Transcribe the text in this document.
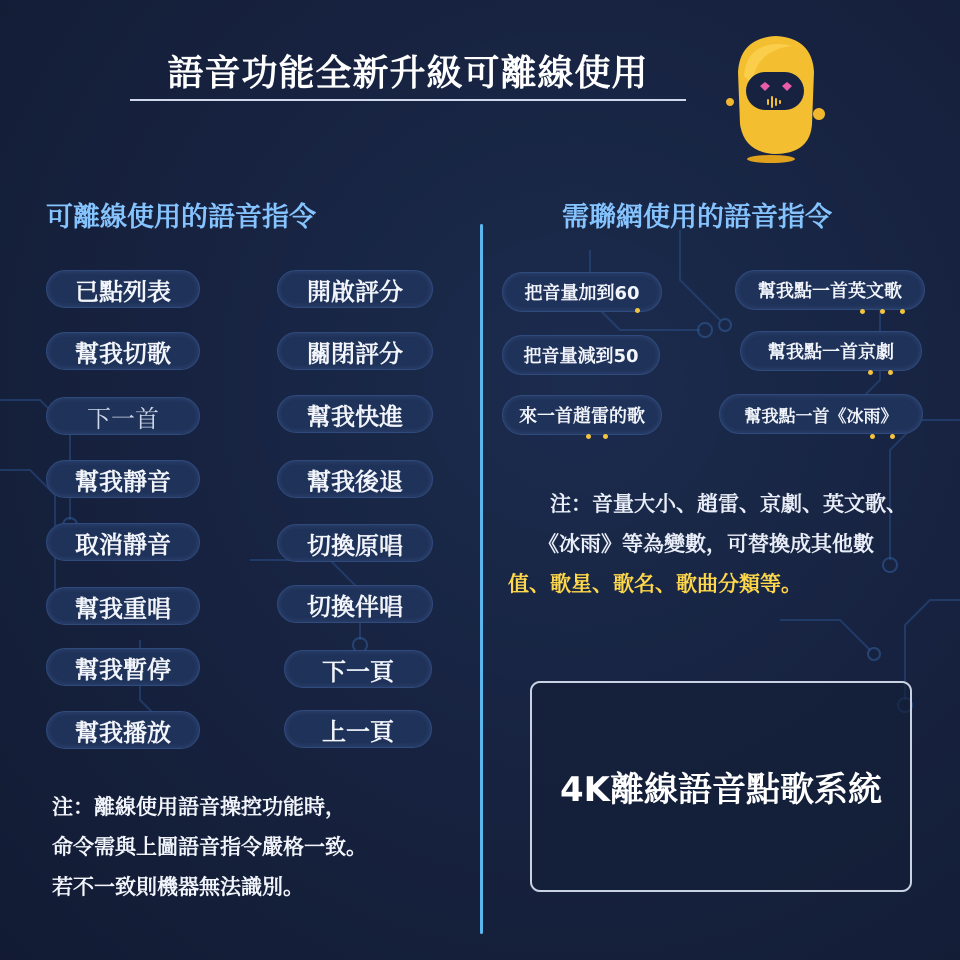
語音功能全新升級可離線使用
可離線使用的語音指令	需聯網使用的語音指令
已點列表
幫我切歌
下一首
幫我靜音
取消靜音
幫我重唱
幫我暫停
幫我播放
開啟評分
關閉評分
幫我快進
幫我後退
切換原唱
切換伴唱
下一頁
上一頁
把音量加到60	幫我點一首英文歌
把音量減到50	幫我點一首京劇
來一首趙雷的歌	幫我點一首《冰雨》
注：音量大小、趙雷、京劇、英文歌、
《冰雨》等為變數，可替換成其他數
值、歌星、歌名、歌曲分類等。
注：離線使用語音操控功能時，
命令需與上圖語音指令嚴格一致。
若不一致則機器無法識別。
4K離線語音點歌系統
